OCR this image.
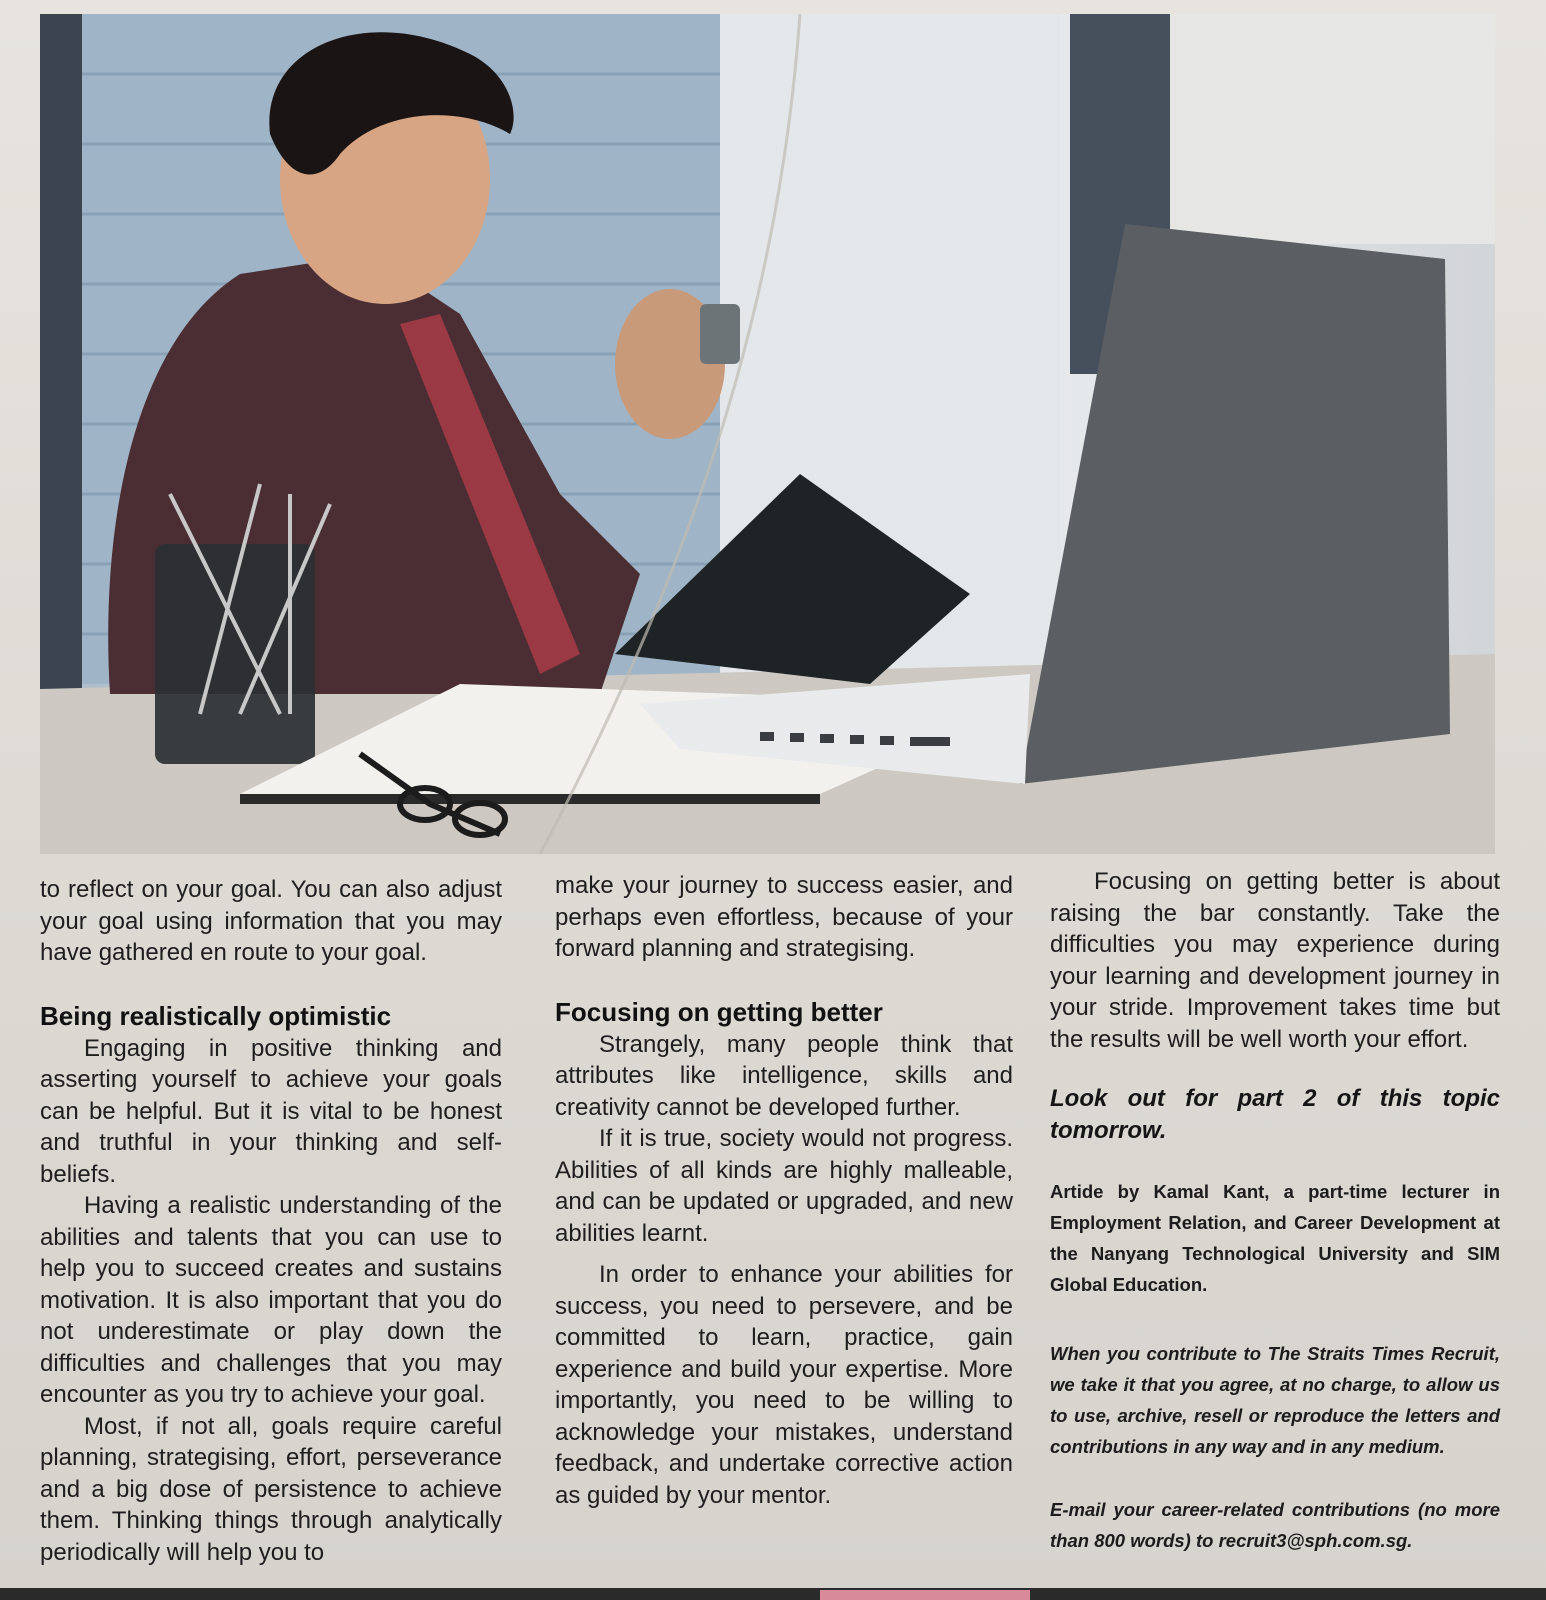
to reflect on your goal. You can also adjust your goal using information that you may have gathered en route to your goal.

Being realistically optimistic

Engaging in positive thinking and asserting yourself to achieve your goals can be helpful. But it is vital to be honest and truthful in your thinking and self-beliefs.

Having a realistic understanding of the abilities and talents that you can use to help you to succeed creates and sustains motivation. It is also important that you do not underestimate or play down the difficulties and challenges that you may encounter as you try to achieve your goal.

Most, if not all, goals require careful planning, strategising, effort, perseverance and a big dose of persistence to achieve them. Thinking things through analytically periodically will help you to

make your journey to success easier, and perhaps even effortless, because of your forward planning and strategising.

Focusing on getting better

Strangely, many people think that attributes like intelligence, skills and creativity cannot be developed further.

If it is true, society would not progress. Abilities of all kinds are highly malleable, and can be updated or upgraded, and new abilities learnt.

In order to enhance your abilities for success, you need to persevere, and be committed to learn, practice, gain experience and build your expertise. More importantly, you need to be willing to acknowledge your mistakes, understand feedback, and undertake corrective action as guided by your mentor.

Focusing on getting better is about raising the bar constantly. Take the difficulties you may experience during your learning and development journey in your stride. Improvement takes time but the results will be well worth your effort.

Look out for part 2 of this topic tomorrow.

Artide by Kamal Kant, a part-time lecturer in Employment Relation, and Career Development at the Nanyang Technological University and SIM Global Education.

When you contribute to The Straits Times Recruit, we take it that you agree, at no charge, to allow us to use, archive, resell or reproduce the letters and contributions in any way and in any medium.

E-mail your career-related contributions (no more than 800 words) to recruit3@sph.com.sg.
